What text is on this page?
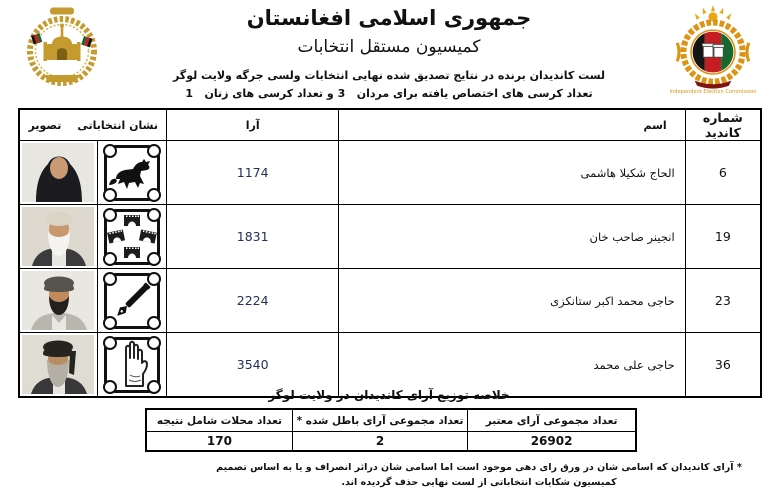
Independent Election Commission
جمهوری اسلامی افغانستان
کمیسیون مستقل انتخابات
لست کاندیدان برنده در نتایج تصدیق شده نهایی انتخابات ولسی جرگه ولایت لوگر
تعداد کرسی های اختصاص یافته برای مردان   3 و تعداد کرسی های زنان   1
شماره کاندید	اسم	آرا	نشان انتخاباتی
تصویر	

6	الحاج شکیلا هاشمی	1174	

19	انجینر صاحب خان	1831	

23	حاجی محمد اکبر ستانکزی	2224	

36	حاجی علی محمد	3540	

خلاصه توزیع آرای کاندیدان در ولایت لوگر
تعداد مجموعی آرای معتبر	تعداد مجموعی آرای باطل شده *	تعداد محلات شامل نتیجه
26902	2	170
* آرای کاندیدان که اسامی شان در ورق رای دهی موجود است اما اسامی شان دراثر انصراف و یا به اساس تصمیم کمیسیون شکایات انتخاباتی از لست نهایی حذف گردیده اند.
